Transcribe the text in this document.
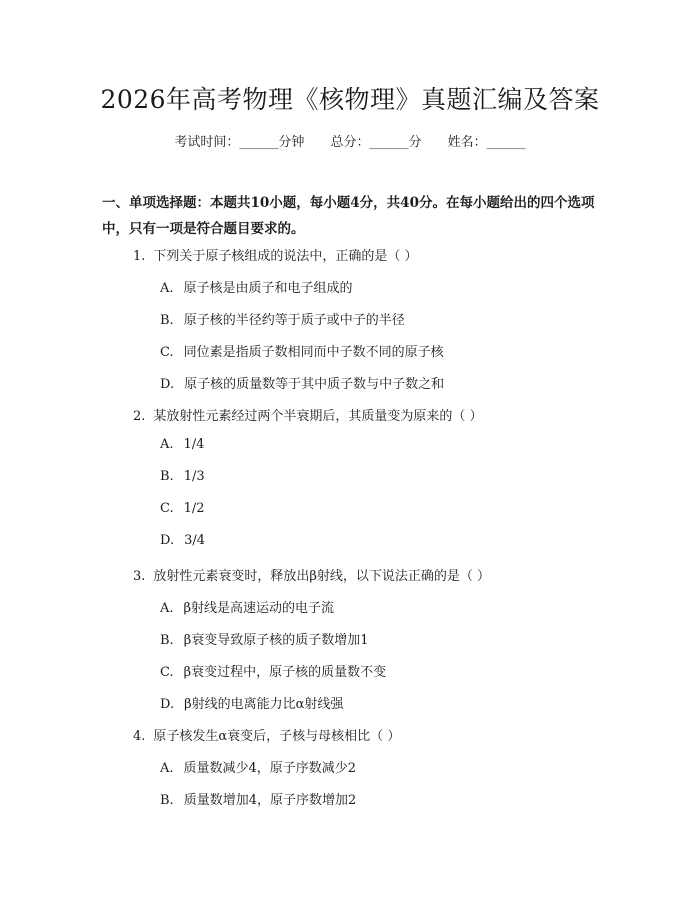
2026年高考物理《核物理》真题汇编及答案
考试时间：______分钟 总分：______分 姓名：______
一、单项选择题：本题共10小题，每小题4分，共40分。在每小题给出的四个选项中，只有一项是符合题目要求的。
1. 下列关于原子核组成的说法中，正确的是（ ）
A. 原子核是由质子和电子组成的
B. 原子核的半径约等于质子或中子的半径
C. 同位素是指质子数相同而中子数不同的原子核
D. 原子核的质量数等于其中质子数与中子数之和
2. 某放射性元素经过两个半衰期后，其质量变为原来的（ ）
A. 1/4
B. 1/3
C. 1/2
D. 3/4
3. 放射性元素衰变时，释放出β射线，以下说法正确的是（ ）
A. β射线是高速运动的电子流
B. β衰变导致原子核的质子数增加1
C. β衰变过程中，原子核的质量数不变
D. β射线的电离能力比α射线强
4. 原子核发生α衰变后，子核与母核相比（ ）
A. 质量数减少4，原子序数减少2
B. 质量数增加4，原子序数增加2
